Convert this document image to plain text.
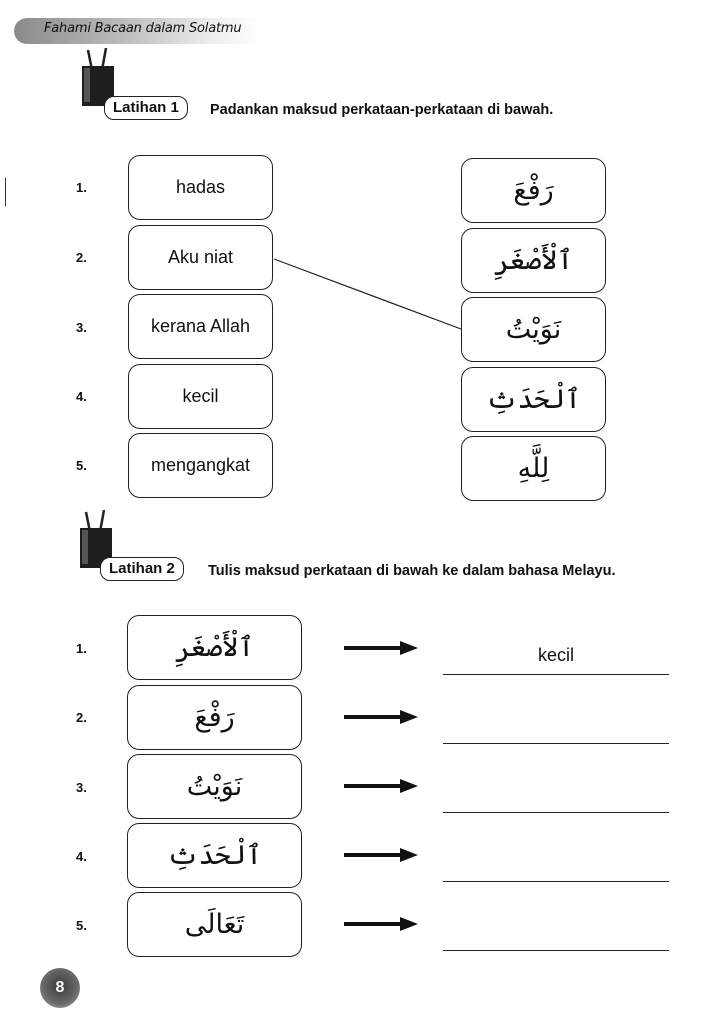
Fahami Bacaan dalam Solatmu
Latihan 1	Padankan maksud perkataan-perkataan di bawah.
1.
2.
3.
4.
5.
hadas
Aku niat
kerana Allah
kecil
mengangkat
رَفْعَ
ٱلْأَصْغَرِ
نَوَيْتُ
ٱلْحَدَثِ
لِلَّهِ
Latihan 2	Tulis maksud perkataan di bawah ke dalam bahasa Melayu.
1.
2.
3.
4.
5.
ٱلْأَصْغَرِ
رَفْعَ
نَوَيْتُ
ٱلْحَدَثِ
تَعَالَى
kecil
8
